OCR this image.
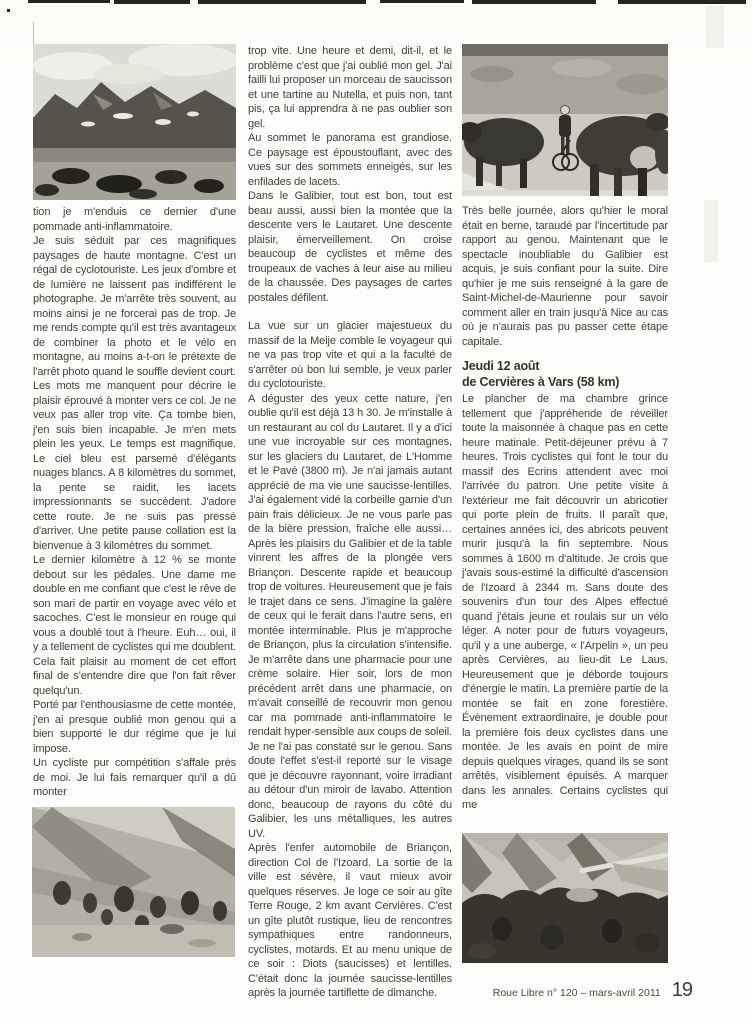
tion je m'enduis ce dernier d'une pommade anti-inflammatoire.

Je suis séduit par ces magnifiques paysages de haute montagne. C'est un régal de cyclotouriste. Les jeux d'ombre et de lumière ne laissent pas indifférent le photographe. Je m'arrête très souvent, au moins ainsi je ne forcerai pas de trop. Je me rends compte qu'il est très avantageux de combiner la photo et le vélo en montagne, au moins a-t-on le prétexte de l'arrêt photo quand le souffle devient court.

Les mots me manquent pour décrire le plaisir éprouvé à monter vers ce col. Je ne veux pas aller trop vite. Ça tombe bien, j'en suis bien incapable. Je m'en mets plein les yeux. Le temps est magnifique. Le ciel bleu est parsemé d'élégants nuages blancs. A 8 kilomètres du sommet, la pente se raidit, les lacets impressionnants se succèdent. J'adore cette route. Je ne suis pas pressé d'arriver. Une petite pause collation est la bienvenue à 3 kilomètres du sommet.

Le dernier kilomètre à 12 % se monte debout sur les pédales. Une dame me double en me confiant que c'est le rêve de son mari de partir en voyage avec vélo et sacoches. C'est le monsieur en rouge qui vous a doublé tout à l'heure. Euh… oui, il y a tellement de cyclistes qui me doublent. Cela fait plaisir au moment de cet effort final de s'entendre dire que l'on fait rêver quelqu'un.

Porté par l'enthousiasme de cette montée, j'en ai presque oublié mon genou qui a bien supporté le dur régime que je lui impose.

Un cycliste pur compétition s'affale près de moi. Je lui fais remarquer qu'il a dû monter

trop vite. Une heure et demi, dit-il, et le problème c'est que j'ai oublié mon gel. J'ai failli lui proposer un morceau de saucisson et une tartine au Nutella, et puis non, tant pis, ça lui apprendra à ne pas oublier son gel.

Au sommet le panorama est grandiose. Ce paysage est époustouflant, avec des vues sur des sommets enneigés, sur les enfilades de lacets.

Dans le Galibier, tout est bon, tout est beau aussi, aussi bien la montée que la descente vers le Lautaret. Une descente plaisir, émerveillement. On croise beaucoup de cyclistes et même des troupeaux de vaches à leur aise au milieu de la chaussée. Des paysages de cartes postales défilent.

La vue sur un glacier majestueux du massif de la Meije comble le voyageur qui ne va pas trop vite et qui a la faculté de s'arrêter où bon lui semble, je veux parler du cyclotouriste.

A déguster des yeux cette nature, j'en oublie qu'il est déjà 13 h 30. Je m'installe à un restaurant au col du Lautaret. Il y a d'ici une vue incroyable sur ces montagnes, sur les glaciers du Lautaret, de L'Homme et le Pavé (3800 m). Je n'ai jamais autant apprécié de ma vie une saucisse-lentilles. J'ai également vidé la corbeille garnie d'un pain frais délicieux. Je ne vous parle pas de la bière pression, fraîche elle aussi… Après les plaisirs du Galibier et de la table vinrent les affres de la plongée vers Briançon. Descente rapide et beaucoup trop de voitures. Heureusement que je fais le trajet dans ce sens. J'imagine la galère de ceux qui le ferait dans l'autre sens, en montée interminable. Plus je m'approche de Briançon, plus la circulation s'intensifie. Je m'arrête dans une pharmacie pour une crème solaire. Hier soir, lors de mon précédent arrêt dans une pharmacie, on m'avait conseillé de recouvrir mon genou car ma pommade anti-inflammatoire le rendait hyper-sensible aux coups de soleil. Je ne l'ai pas constaté sur le genou. Sans doute l'effet s'est-il reporté sur le visage que je découvre rayonnant, voire irradiant au détour d'un miroir de lavabo. Attention donc, beaucoup de rayons du côté du Galibier, les uns métalliques, les autres UV.

Après l'enfer automobile de Briançon, direction Col de l'Izoard. La sortie de la ville est sévère, il vaut mieux avoir quelques réserves. Je loge ce soir au gîte Terre Rouge, 2 km avant Cervières. C'est un gîte plutôt rustique, lieu de rencontres sympathiques entre randonneurs, cyclistes, motards. Et au menu unique de ce soir : Diots (saucisses) et lentilles. C'était donc la journée saucisse-lentilles après la journée tartiflette de dimanche.

Très belle journée, alors qu'hier le moral était en berne, taraudé par l'incertitude par rapport au genou. Maintenant que le spectacle inoubliable du Galibier est acquis, je suis confiant pour la suite. Dire qu'hier je me suis renseigné à la gare de Saint-Michel-de-Maurienne pour savoir comment aller en train jusqu'à Nice au cas où je n'aurais pas pu passer cette étape capitale.

Jeudi 12 août
de Cervières à Vars (58 km)

Le plancher de ma chambre grince tellement que j'appréhende de réveiller toute la maisonnée à chaque pas en cette heure matinale. Petit-déjeuner prévu à 7 heures. Trois cyclistes qui font le tour du massif des Ecrins attendent avec moi l'arrivée du patron. Une petite visite à l'extérieur me fait découvrir un abricotier qui porte plein de fruits. Il paraît que, certaines années ici, des abricots peuvent murir jusqu'à la fin septembre. Nous sommes à 1600 m d'altitude. Je crois que j'avais sous-estimé la difficulté d'ascension de l'Izoard à 2344 m. Sans doute des souvenirs d'un tour des Alpes effectué quand j'étais jeune et roulais sur un vélo léger. A noter pour de futurs voyageurs, qu'il y a une auberge, « l'Arpelin », un peu après Cervières, au lieu-dit Le Laus. Heureusement que je déborde toujours d'énergie le matin. La première partie de la montée se fait en zone forestière. Évènement extraordinaire, je double pour la première fois deux cyclistes dans une montée. Je les avais en point de mire depuis quelques virages, quand ils se sont arrêtés, visiblement épuisés. A marquer dans les annales. Certains cyclistes qui me

Roue Libre n° 120 – mars-avril 2011 19
